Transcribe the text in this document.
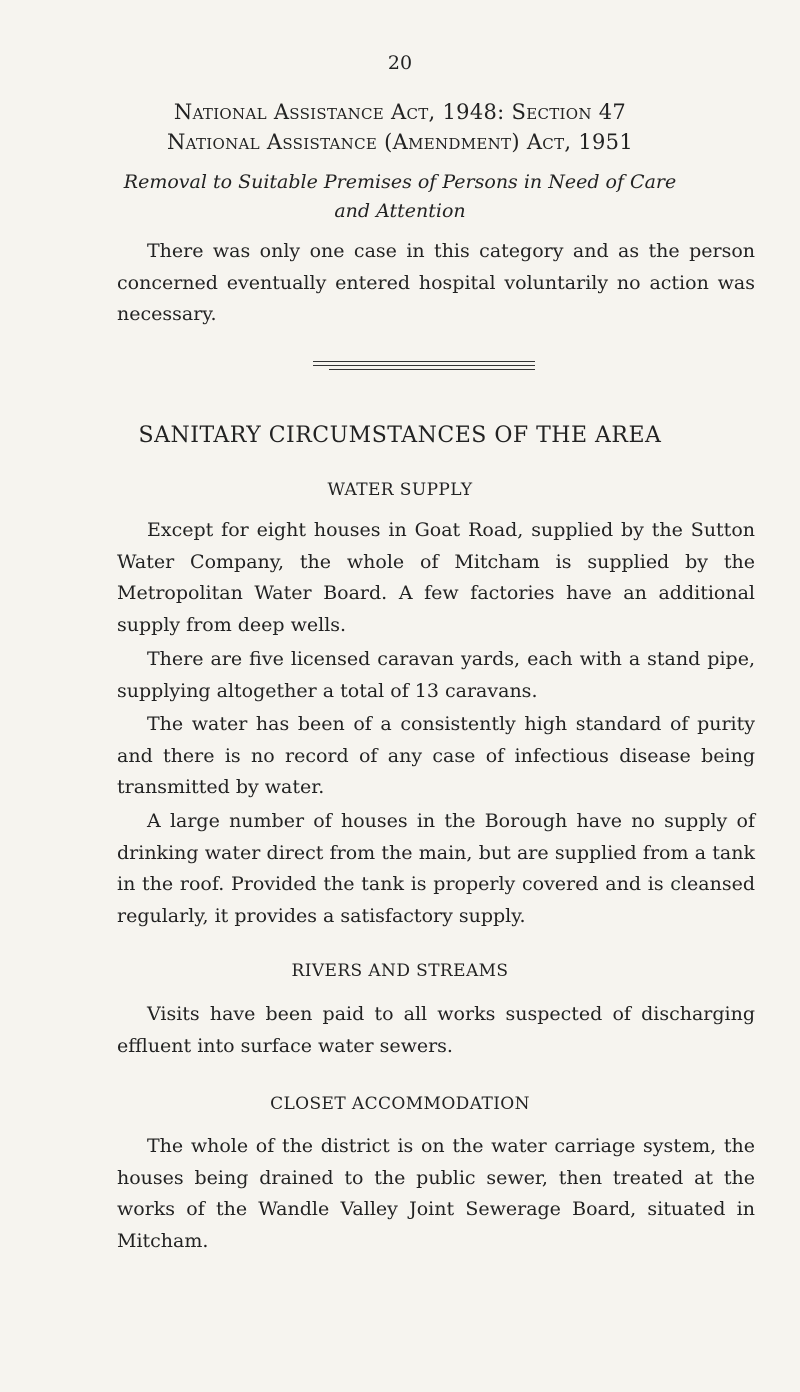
20
National Assistance Act, 1948: Section 47
National Assistance (Amendment) Act, 1951
Removal to Suitable Premises of Persons in Need of Care and Attention

There was only one case in this category and as the person concerned eventually entered hospital voluntarily no action was necessary.

SANITARY CIRCUMSTANCES OF THE AREA
WATER SUPPLY

Except for eight houses in Goat Road, supplied by the Sutton Water Company, the whole of Mitcham is supplied by the Metropolitan Water Board. A few factories have an additional supply from deep wells.

There are five licensed caravan yards, each with a stand pipe, supplying altogether a total of 13 caravans.

The water has been of a consistently high standard of purity and there is no record of any case of infectious disease being transmitted by water.

A large number of houses in the Borough have no supply of drinking water direct from the main, but are supplied from a tank in the roof. Provided the tank is properly covered and is cleansed regularly, it provides a satisfactory supply.

RIVERS AND STREAMS

Visits have been paid to all works suspected of discharging effluent into surface water sewers.

CLOSET ACCOMMODATION

The whole of the district is on the water carriage system, the houses being drained to the public sewer, then treated at the works of the Wandle Valley Joint Sewerage Board, situated in Mitcham.
